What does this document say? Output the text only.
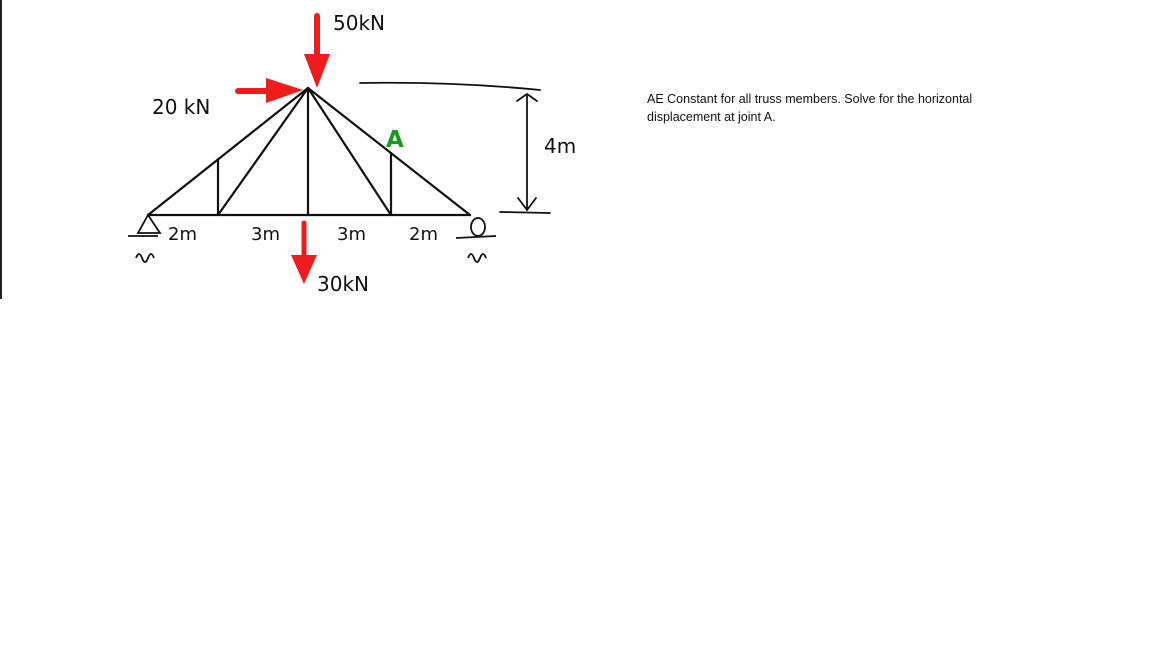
50kN
20 kN
30kN
2m	3m	3m 2m
4m
A
AE Constant for all truss members. Solve for the horizontal displacement at joint A.
